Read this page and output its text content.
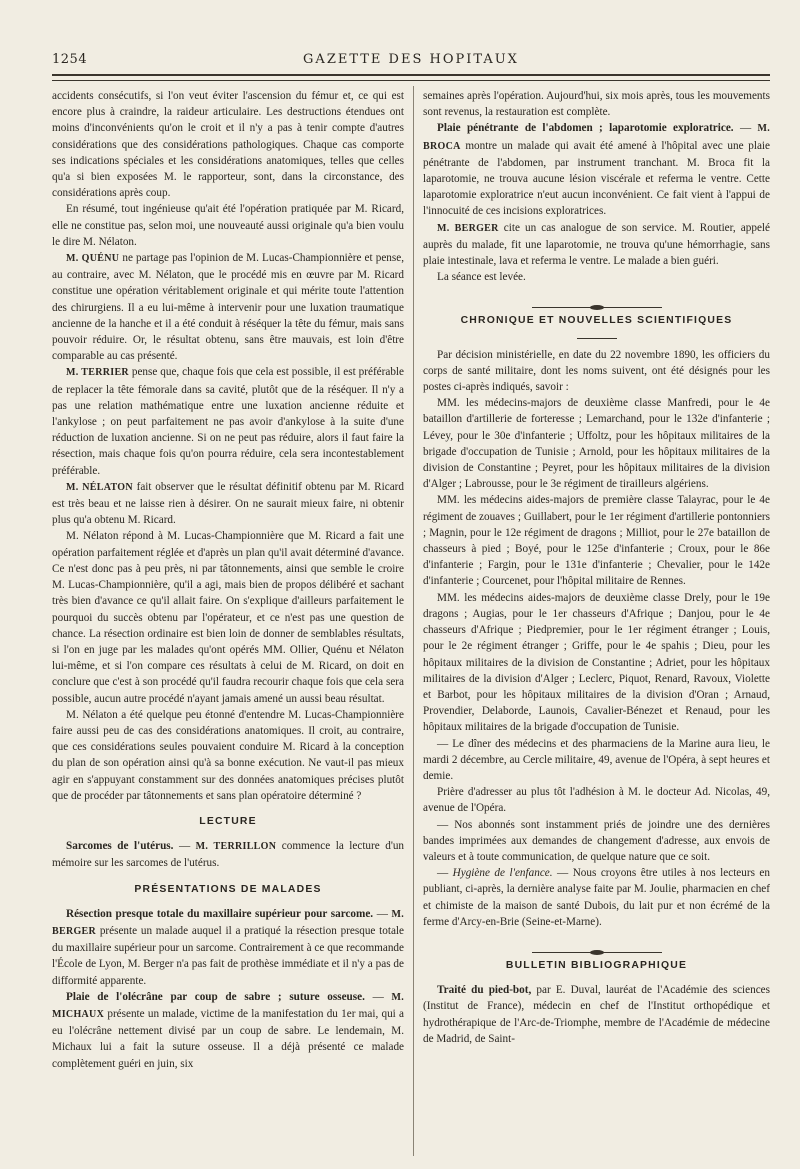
1254	GAZETTE DES HOPITAUX

accidents consécutifs, si l'on veut éviter l'ascension du fémur et, ce qui est encore plus à craindre, la raideur articulaire. Les destructions étendues ont moins d'inconvénients qu'on le croit et il n'y a pas à tenir compte d'autres considérations que des considérations pathologiques. Chaque cas comporte ses indications spéciales et les considérations anatomiques, telles que celles qu'a si bien exposées M. le rapporteur, sont, dans la circonstance, des considérations après coup.

En résumé, tout ingénieuse qu'ait été l'opération pratiquée par M. Ricard, elle ne constitue pas, selon moi, une nouveauté aussi originale qu'a bien voulu le dire M. Nélaton.

M. QUÉNU ne partage pas l'opinion de M. Lucas-Championnière et pense, au contraire, avec M. Nélaton, que le procédé mis en œuvre par M. Ricard constitue une opération véritablement originale et qui mérite toute l'attention des chirurgiens. Il a eu lui-même à intervenir pour une luxation traumatique ancienne de la hanche et il a été conduit à réséquer la tête du fémur, mais sans pouvoir réduire. Or, le résultat obtenu, sans être mauvais, est loin d'être comparable au cas présenté.

M. TERRIER pense que, chaque fois que cela est possible, il est préférable de replacer la tête fémorale dans sa cavité, plutôt que de la réséquer. Il n'y a pas une relation mathématique entre une luxation ancienne réduite et l'ankylose ; on peut parfaitement ne pas avoir d'ankylose à la suite d'une réduction de luxation ancienne. Si on ne peut pas réduire, alors il faut faire la résection, mais chaque fois qu'on pourra réduire, cela sera incontestablement préférable.

M. NÉLATON fait observer que le résultat définitif obtenu par M. Ricard est très beau et ne laisse rien à désirer. On ne saurait mieux faire, ni obtenir plus qu'a obtenu M. Ricard.

M. Nélaton répond à M. Lucas-Championnière que M. Ricard a fait une opération parfaitement réglée et d'après un plan qu'il avait déterminé d'avance. Ce n'est donc pas à peu près, ni par tâtonnements, ainsi que semble le croire M. Lucas-Championnière, qu'il a agi, mais bien de propos délibéré et sachant très bien d'avance ce qu'il allait faire. On s'explique d'ailleurs parfaitement le pourquoi du succès obtenu par l'opérateur, et ce n'est pas une question de chance. La résection ordinaire est bien loin de donner de semblables résultats, si l'on en juge par les malades qu'ont opérés MM. Ollier, Quénu et Nélaton lui-même, et si l'on compare ces résultats à celui de M. Ricard, on doit en conclure que c'est à son procédé qu'il faudra recourir chaque fois que cela sera possible, aucun autre procédé n'ayant jamais amené un aussi beau résultat.

M. Nélaton a été quelque peu étonné d'entendre M. Lucas-Championnière faire aussi peu de cas des considérations anatomiques. Il croit, au contraire, que ces considérations seules pouvaient conduire M. Ricard à la conception du plan de son opération ainsi qu'à sa bonne exécution. Ne vaut-il pas mieux agir en s'appuyant constamment sur des données anatomiques précises plutôt que de procéder par tâtonnements et sans plan opératoire déterminé ?

LECTURE

Sarcomes de l'utérus. — M. TERRILLON commence la lecture d'un mémoire sur les sarcomes de l'utérus.

PRÉSENTATIONS DE MALADES

Résection presque totale du maxillaire supérieur pour sarcome. — M. BERGER présente un malade auquel il a pratiqué la résection presque totale du maxillaire supérieur pour un sarcome. Contrairement à ce que recommande l'École de Lyon, M. Berger n'a pas fait de prothèse immédiate et il n'y a pas de difformité apparente.

Plaie de l'olécrâne par coup de sabre ; suture osseuse. — M. MICHAUX présente un malade, victime de la manifestation du 1er mai, qui a eu l'olécrâne nettement divisé par un coup de sabre. Le lendemain, M. Michaux lui a fait la suture osseuse. Il a déjà présenté ce malade complètement guéri en juin, six

semaines après l'opération. Aujourd'hui, six mois après, tous les mouvements sont revenus, la restauration est complète.

Plaie pénétrante de l'abdomen ; laparotomie exploratrice. — M. BROCA montre un malade qui avait été amené à l'hôpital avec une plaie pénétrante de l'abdomen, par instrument tranchant. M. Broca fit la laparotomie, ne trouva aucune lésion viscérale et referma le ventre. Cette laparotomie exploratrice n'eut aucun inconvénient. Ce fait vient à l'appui de l'innocuité de ces incisions exploratrices.

M. BERGER cite un cas analogue de son service. M. Routier, appelé auprès du malade, fit une laparotomie, ne trouva qu'une hémorrhagie, sans plaie intestinale, lava et referma le ventre. Le malade a bien guéri.

La séance est levée.

CHRONIQUE ET NOUVELLES SCIENTIFIQUES

Par décision ministérielle, en date du 22 novembre 1890, les officiers du corps de santé militaire, dont les noms suivent, ont été désignés pour les postes ci-après indiqués, savoir :

MM. les médecins-majors de deuxième classe Manfredi, pour le 4e bataillon d'artillerie de forteresse ; Lemarchand, pour le 132e d'infanterie ; Lévey, pour le 30e d'infanterie ; Uffoltz, pour les hôpitaux militaires de la brigade d'occupation de Tunisie ; Arnold, pour les hôpitaux militaires de la division de Constantine ; Peyret, pour les hôpitaux militaires de la division d'Alger ; Labrousse, pour le 3e régiment de tirailleurs algériens.

MM. les médecins aides-majors de première classe Talayrac, pour le 4e régiment de zouaves ; Guillabert, pour le 1er régiment d'artillerie pontonniers ; Magnin, pour le 12e régiment de dragons ; Milliot, pour le 27e bataillon de chasseurs à pied ; Boyé, pour le 125e d'infanterie ; Croux, pour le 86e d'infanterie ; Fargin, pour le 131e d'infanterie ; Chevalier, pour le 142e d'infanterie ; Courcenet, pour l'hôpital militaire de Rennes.

MM. les médecins aides-majors de deuxième classe Drely, pour le 19e dragons ; Augias, pour le 1er chasseurs d'Afrique ; Danjou, pour le 4e chasseurs d'Afrique ; Piedpremier, pour le 1er régiment étranger ; Louis, pour le 2e régiment étranger ; Griffe, pour le 4e spahis ; Dieu, pour les hôpitaux militaires de la division de Constantine ; Adriet, pour les hôpitaux militaires de la division d'Alger ; Leclerc, Piquot, Renard, Ravoux, Violette et Barbot, pour les hôpitaux militaires de la division d'Oran ; Arnaud, Provendier, Delaborde, Launois, Cavalier-Bénezet et Renaud, pour les hôpitaux militaires de la brigade d'occupation de Tunisie.

— Le dîner des médecins et des pharmaciens de la Marine aura lieu, le mardi 2 décembre, au Cercle militaire, 49, avenue de l'Opéra, à sept heures et demie.

Prière d'adresser au plus tôt l'adhésion à M. le docteur Ad. Nicolas, 49, avenue de l'Opéra.

— Nos abonnés sont instamment priés de joindre une des dernières bandes imprimées aux demandes de changement d'adresse, aux envois de valeurs et à toute communication, de quelque nature que ce soit.

— Hygiène de l'enfance. — Nous croyons être utiles à nos lecteurs en publiant, ci-après, la dernière analyse faite par M. Joulie, pharmacien en chef et chimiste de la maison de santé Dubois, du lait pur et non écrémé de la ferme d'Arcy-en-Brie (Seine-et-Marne).

BULLETIN BIBLIOGRAPHIQUE

Traité du pied-bot, par E. Duval, lauréat de l'Académie des sciences (Institut de France), médecin en chef de l'Institut orthopédique et hydrothérapique de l'Arc-de-Triomphe, membre de l'Académie de médecine de Madrid, de Saint-
